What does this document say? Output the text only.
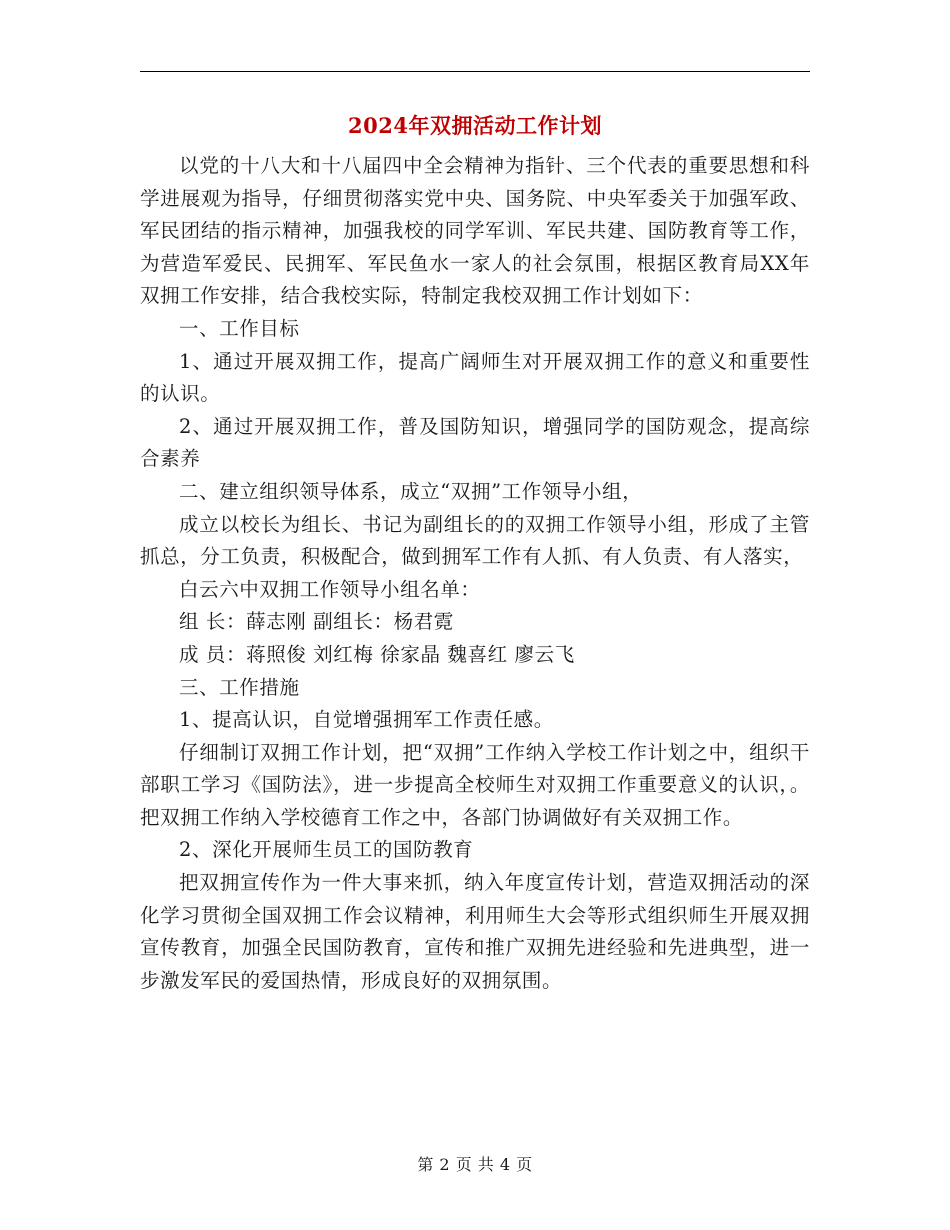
2024年双拥活动工作计划

以党的十八大和十八届四中全会精神为指针、三个代表的重要思想和科学进展观为指导，仔细贯彻落实党中央、国务院、中央军委关于加强军政、军民团结的指示精神，加强我校的同学军训、军民共建、国防教育等工作，为营造军爱民、民拥军、军民鱼水一家人的社会氛围，根据区教育局XX年双拥工作安排，结合我校实际，特制定我校双拥工作计划如下：

一、工作目标

1、通过开展双拥工作，提高广阔师生对开展双拥工作的意义和重要性的认识。

2、通过开展双拥工作，普及国防知识，增强同学的国防观念，提高综合素养

二、建立组织领导体系，成立“双拥”工作领导小组，

成立以校长为组长、书记为副组长的的双拥工作领导小组，形成了主管抓总，分工负责，积极配合，做到拥军工作有人抓、有人负责、有人落实，

白云六中双拥工作领导小组名单：

组 长：薛志刚 副组长：杨君霓

成 员：蒋照俊 刘红梅 徐家晶 魏喜红 廖云飞

三、工作措施

1、提高认识，自觉增强拥军工作责任感。

仔细制订双拥工作计划，把“双拥”工作纳入学校工作计划之中，组织干部职工学习《国防法》，进一步提高全校师生对双拥工作重要意义的认识，。把双拥工作纳入学校德育工作之中，各部门协调做好有关双拥工作。

2、深化开展师生员工的国防教育

把双拥宣传作为一件大事来抓，纳入年度宣传计划，营造双拥活动的深化学习贯彻全国双拥工作会议精神，利用师生大会等形式组织师生开展双拥宣传教育，加强全民国防教育，宣传和推广双拥先进经验和先进典型，进一步激发军民的爱国热情，形成良好的双拥氛围。

第 2 页 共 4 页
